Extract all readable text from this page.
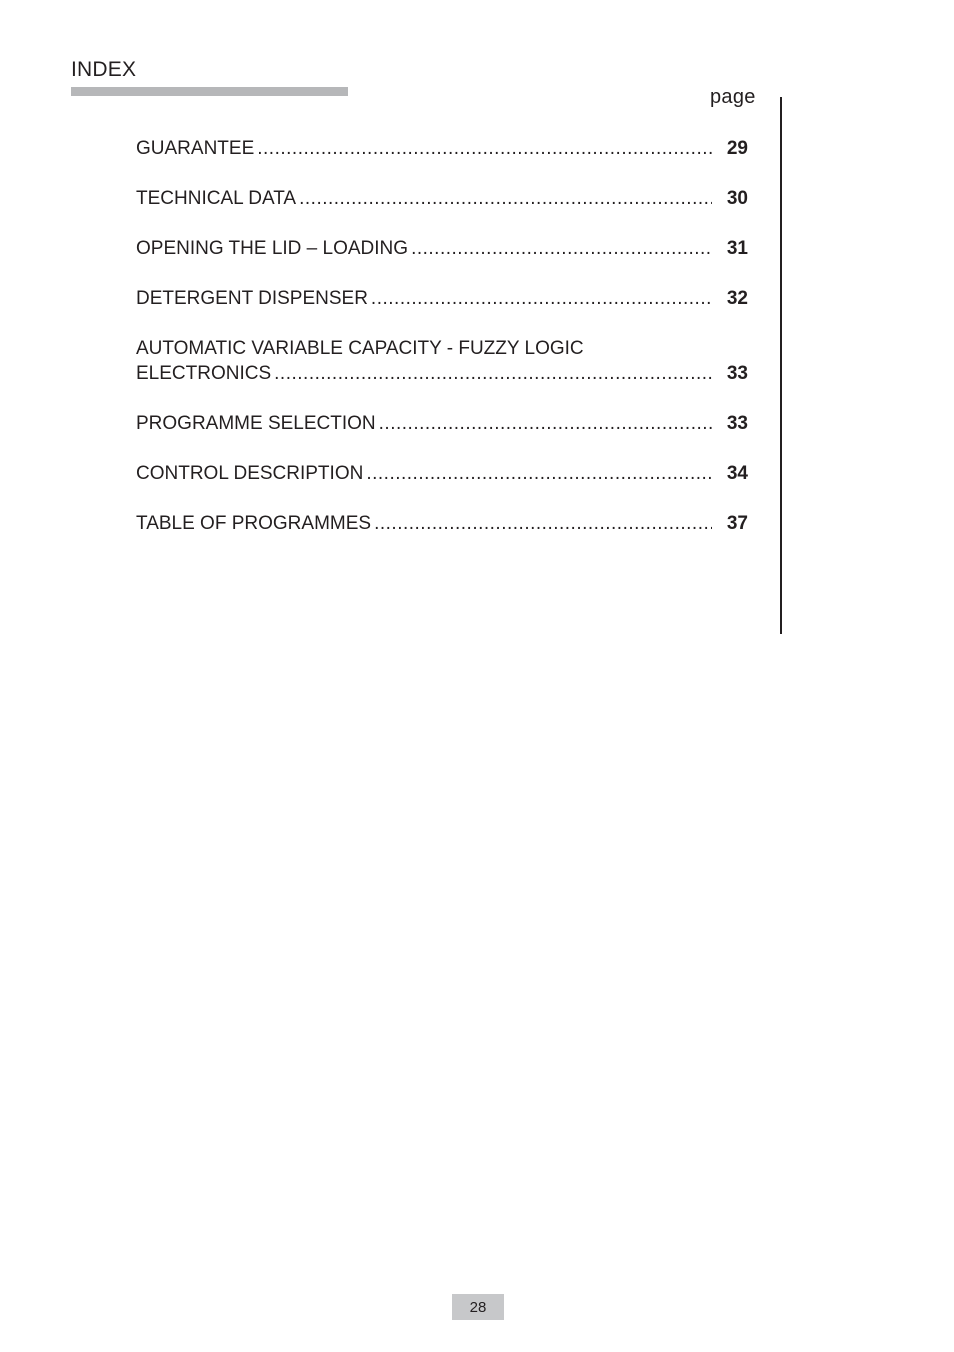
INDEX
page
GUARANTEE .....	29
TECHNICAL DATA .....	30
OPENING THE LID – LOADING .....	31
DETERGENT DISPENSER .....	32
AUTOMATIC VARIABLE CAPACITY - FUZZY LOGIC
ELECTRONICS .....	33
PROGRAMME SELECTION .....	33
CONTROL DESCRIPTION .....	34
TABLE OF PROGRAMMES .....	37
28
